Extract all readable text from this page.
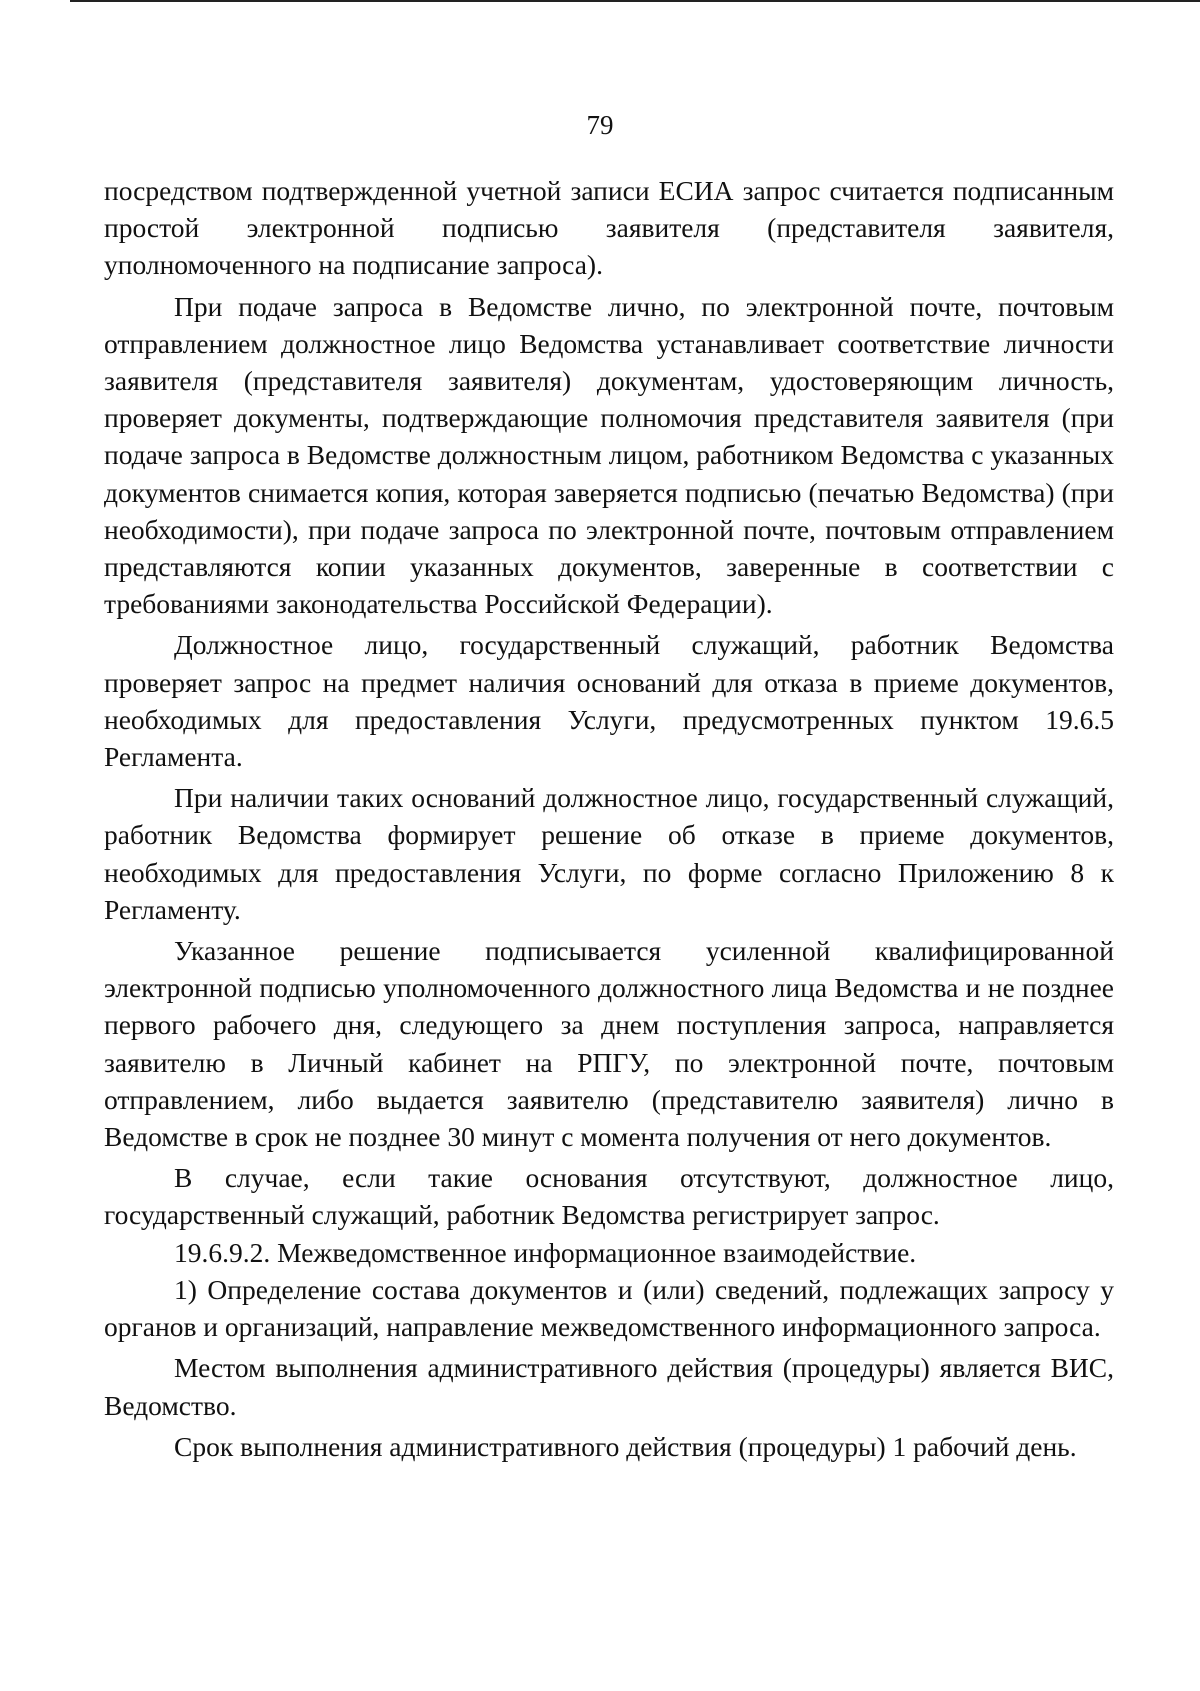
79

посредством подтвержденной учетной записи ЕСИА запрос считается подписанным простой электронной подписью заявителя (представителя заявителя, уполномоченного на подписание запроса).

При подаче запроса в Ведомстве лично, по электронной почте, почтовым отправлением должностное лицо Ведомства устанавливает соответствие личности заявителя (представителя заявителя) документам, удостоверяющим личность, проверяет документы, подтверждающие полномочия представителя заявителя (при подаче запроса в Ведомстве должностным лицом, работником Ведомства с указанных документов снимается копия, которая заверяется подписью (печатью Ведомства) (при необходимости), при подаче запроса по электронной почте, почтовым отправлением представляются копии указанных документов, заверенные в соответствии с требованиями законодательства Российской Федерации).

Должностное лицо, государственный служащий, работник Ведомства проверяет запрос на предмет наличия оснований для отказа в приеме документов, необходимых для предоставления Услуги, предусмотренных пунктом 19.6.5 Регламента.

При наличии таких оснований должностное лицо, государственный служащий, работник Ведомства формирует решение об отказе в приеме документов, необходимых для предоставления Услуги, по форме согласно Приложению 8 к Регламенту.

Указанное решение подписывается усиленной квалифицированной электронной подписью уполномоченного должностного лица Ведомства и не позднее первого рабочего дня, следующего за днем поступления запроса, направляется заявителю в Личный кабинет на РПГУ, по электронной почте, почтовым отправлением, либо выдается заявителю (представителю заявителя) лично в Ведомстве в срок не позднее 30 минут с момента получения от него документов.

В случае, если такие основания отсутствуют, должностное лицо, государственный служащий, работник Ведомства регистрирует запрос.

19.6.9.2. Межведомственное информационное взаимодействие.

1) Определение состава документов и (или) сведений, подлежащих запросу у органов и организаций, направление межведомственного информационного запроса.

Местом выполнения административного действия (процедуры) является ВИС, Ведомство.

Срок выполнения административного действия (процедуры) 1 рабочий день.
